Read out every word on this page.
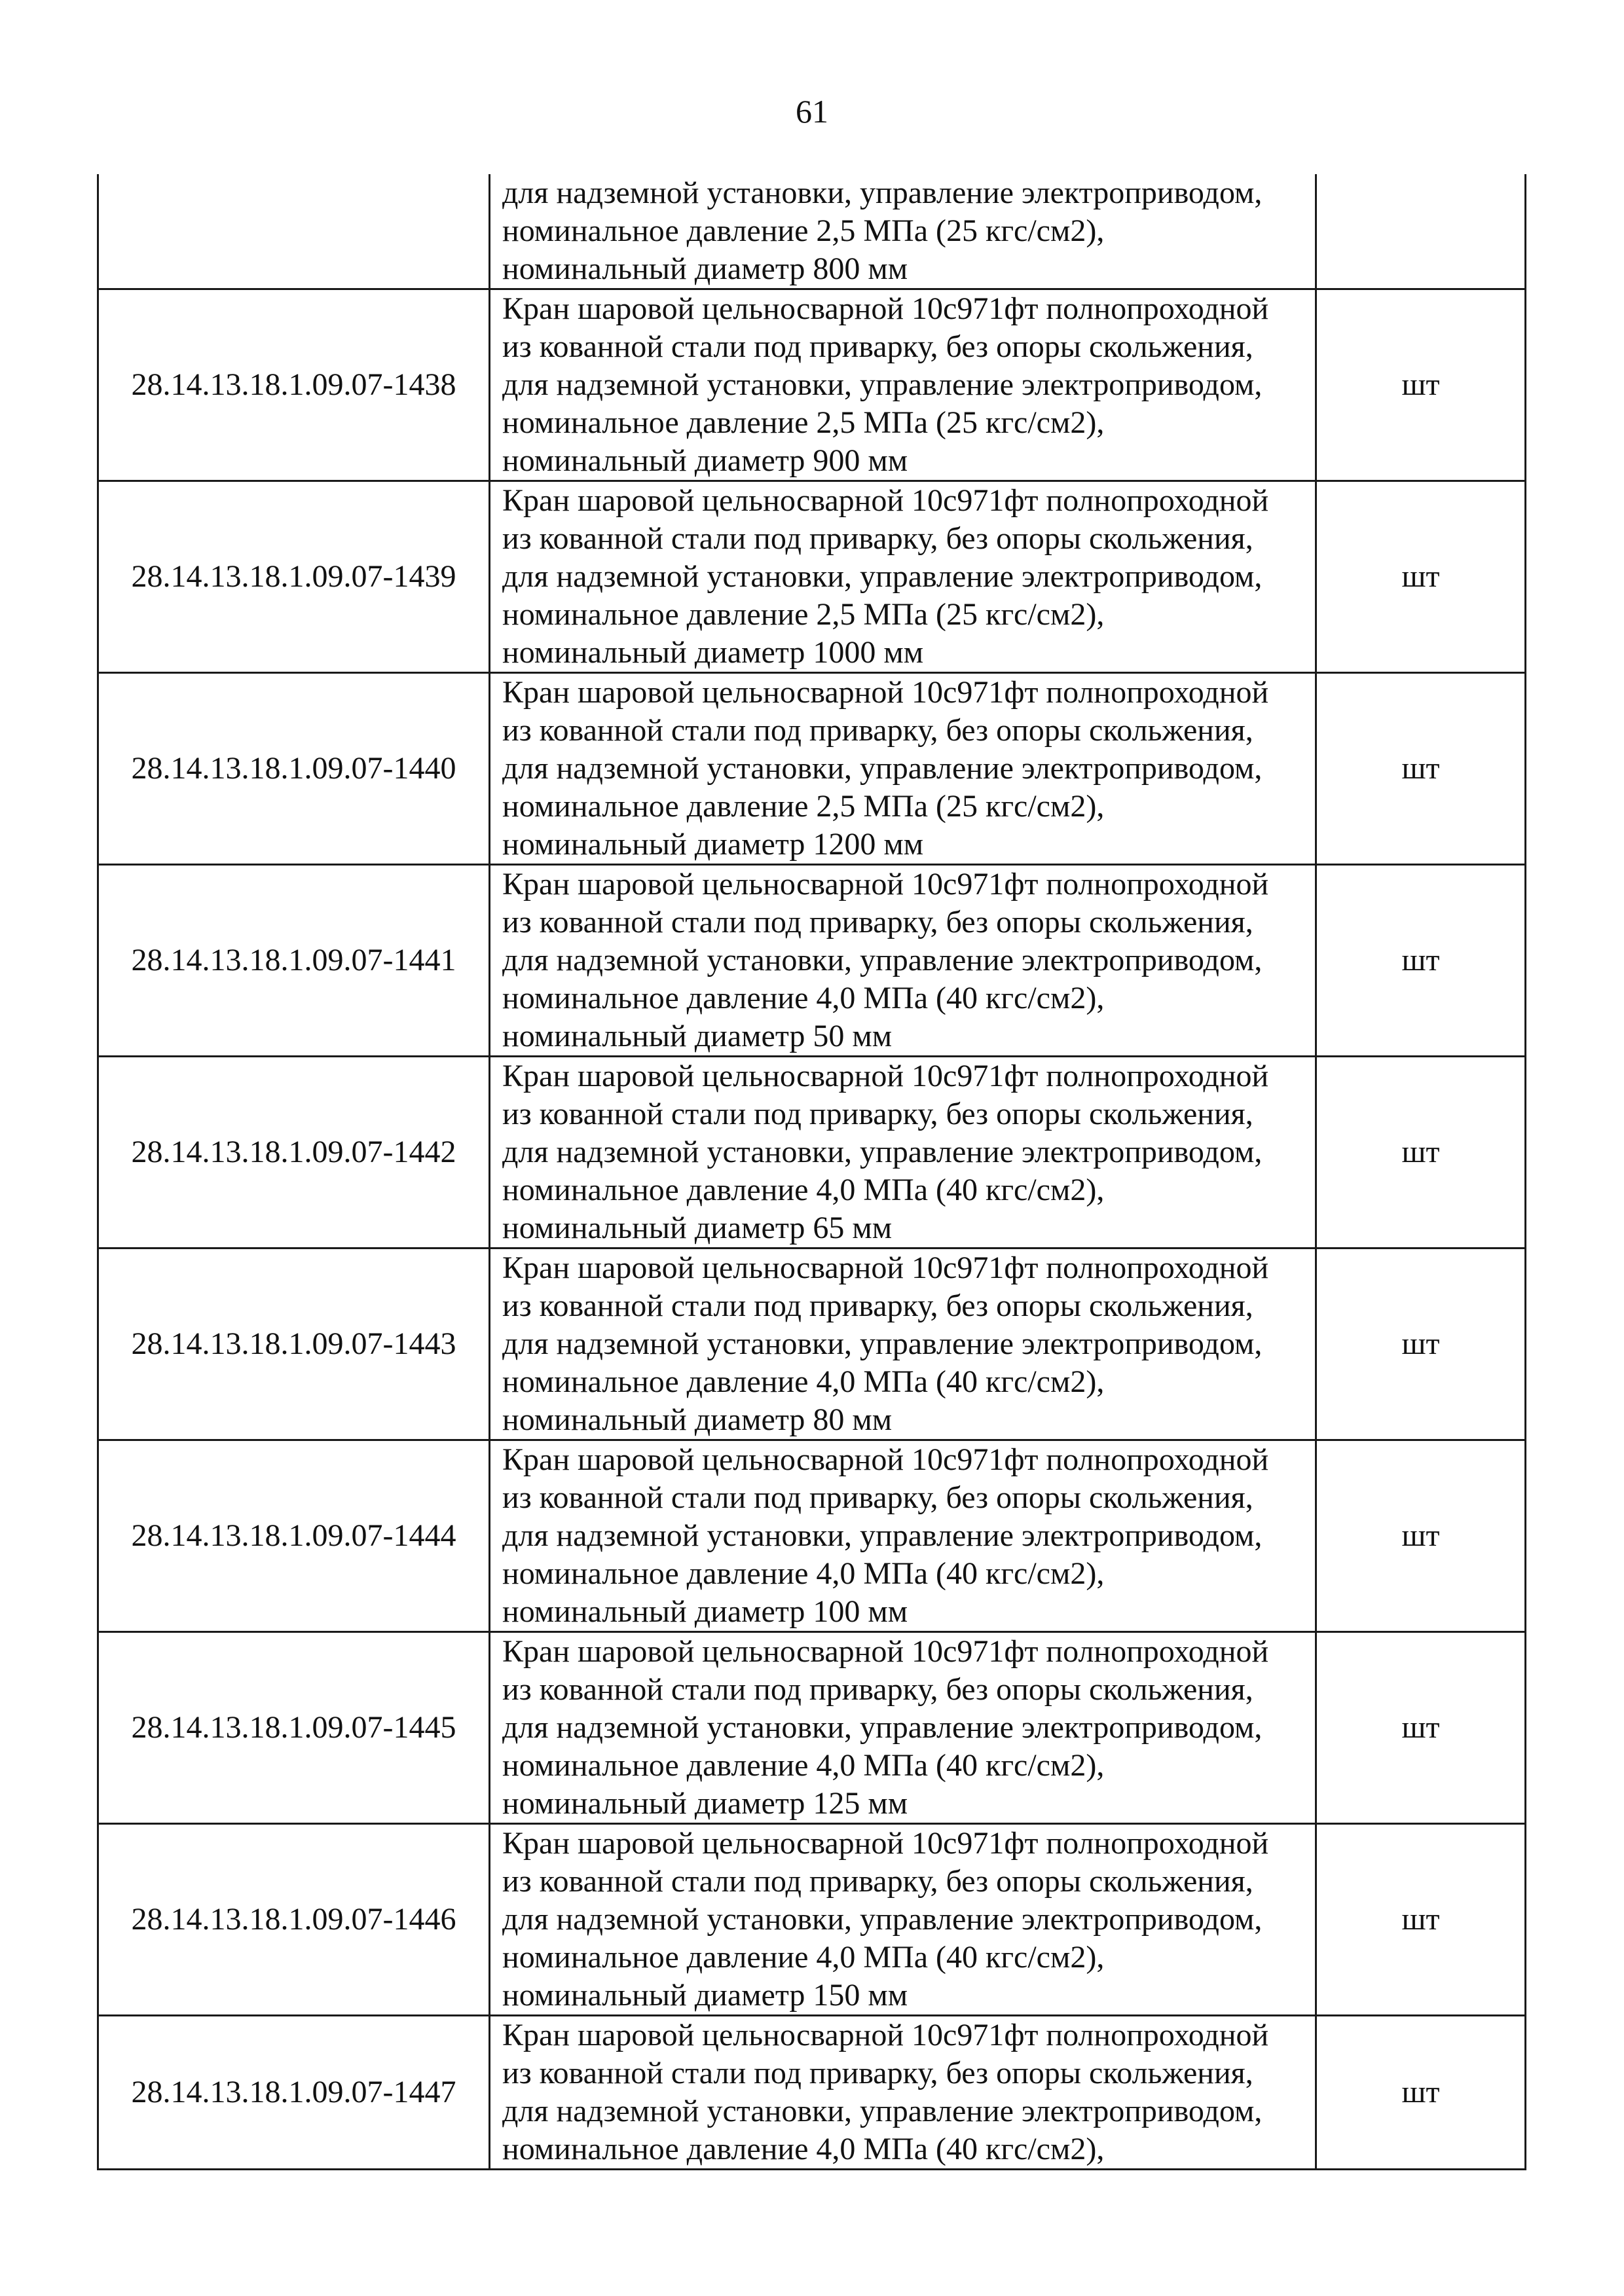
61

	для надземной установки, управление электроприводом,
номинальное давление 2,5 МПа (25 кгс/см2),
номинальный диаметр 800 мм	

28.14.13.18.1.09.07-1438	Кран шаровой цельносварной 10с971фт полнопроходной
из кованной стали под приварку, без опоры скольжения,
для надземной установки, управление электроприводом,
номинальное давление 2,5 МПа (25 кгс/см2),
номинальный диаметр 900 мм	шт
28.14.13.18.1.09.07-1439	Кран шаровой цельносварной 10с971фт полнопроходной
из кованной стали под приварку, без опоры скольжения,
для надземной установки, управление электроприводом,
номинальное давление 2,5 МПа (25 кгс/см2),
номинальный диаметр 1000 мм	шт
28.14.13.18.1.09.07-1440	Кран шаровой цельносварной 10с971фт полнопроходной
из кованной стали под приварку, без опоры скольжения,
для надземной установки, управление электроприводом,
номинальное давление 2,5 МПа (25 кгс/см2),
номинальный диаметр 1200 мм	шт
28.14.13.18.1.09.07-1441	Кран шаровой цельносварной 10с971фт полнопроходной
из кованной стали под приварку, без опоры скольжения,
для надземной установки, управление электроприводом,
номинальное давление 4,0 МПа (40 кгс/см2),
номинальный диаметр 50 мм	шт
28.14.13.18.1.09.07-1442	Кран шаровой цельносварной 10с971фт полнопроходной
из кованной стали под приварку, без опоры скольжения,
для надземной установки, управление электроприводом,
номинальное давление 4,0 МПа (40 кгс/см2),
номинальный диаметр 65 мм	шт
28.14.13.18.1.09.07-1443	Кран шаровой цельносварной 10с971фт полнопроходной
из кованной стали под приварку, без опоры скольжения,
для надземной установки, управление электроприводом,
номинальное давление 4,0 МПа (40 кгс/см2),
номинальный диаметр 80 мм	шт
28.14.13.18.1.09.07-1444	Кран шаровой цельносварной 10с971фт полнопроходной
из кованной стали под приварку, без опоры скольжения,
для надземной установки, управление электроприводом,
номинальное давление 4,0 МПа (40 кгс/см2),
номинальный диаметр 100 мм	шт
28.14.13.18.1.09.07-1445	Кран шаровой цельносварной 10с971фт полнопроходной
из кованной стали под приварку, без опоры скольжения,
для надземной установки, управление электроприводом,
номинальное давление 4,0 МПа (40 кгс/см2),
номинальный диаметр 125 мм	шт
28.14.13.18.1.09.07-1446	Кран шаровой цельносварной 10с971фт полнопроходной
из кованной стали под приварку, без опоры скольжения,
для надземной установки, управление электроприводом,
номинальное давление 4,0 МПа (40 кгс/см2),
номинальный диаметр 150 мм	шт
28.14.13.18.1.09.07-1447	Кран шаровой цельносварной 10с971фт полнопроходной
из кованной стали под приварку, без опоры скольжения,
для надземной установки, управление электроприводом,
номинальное давление 4,0 МПа (40 кгс/см2),	шт
